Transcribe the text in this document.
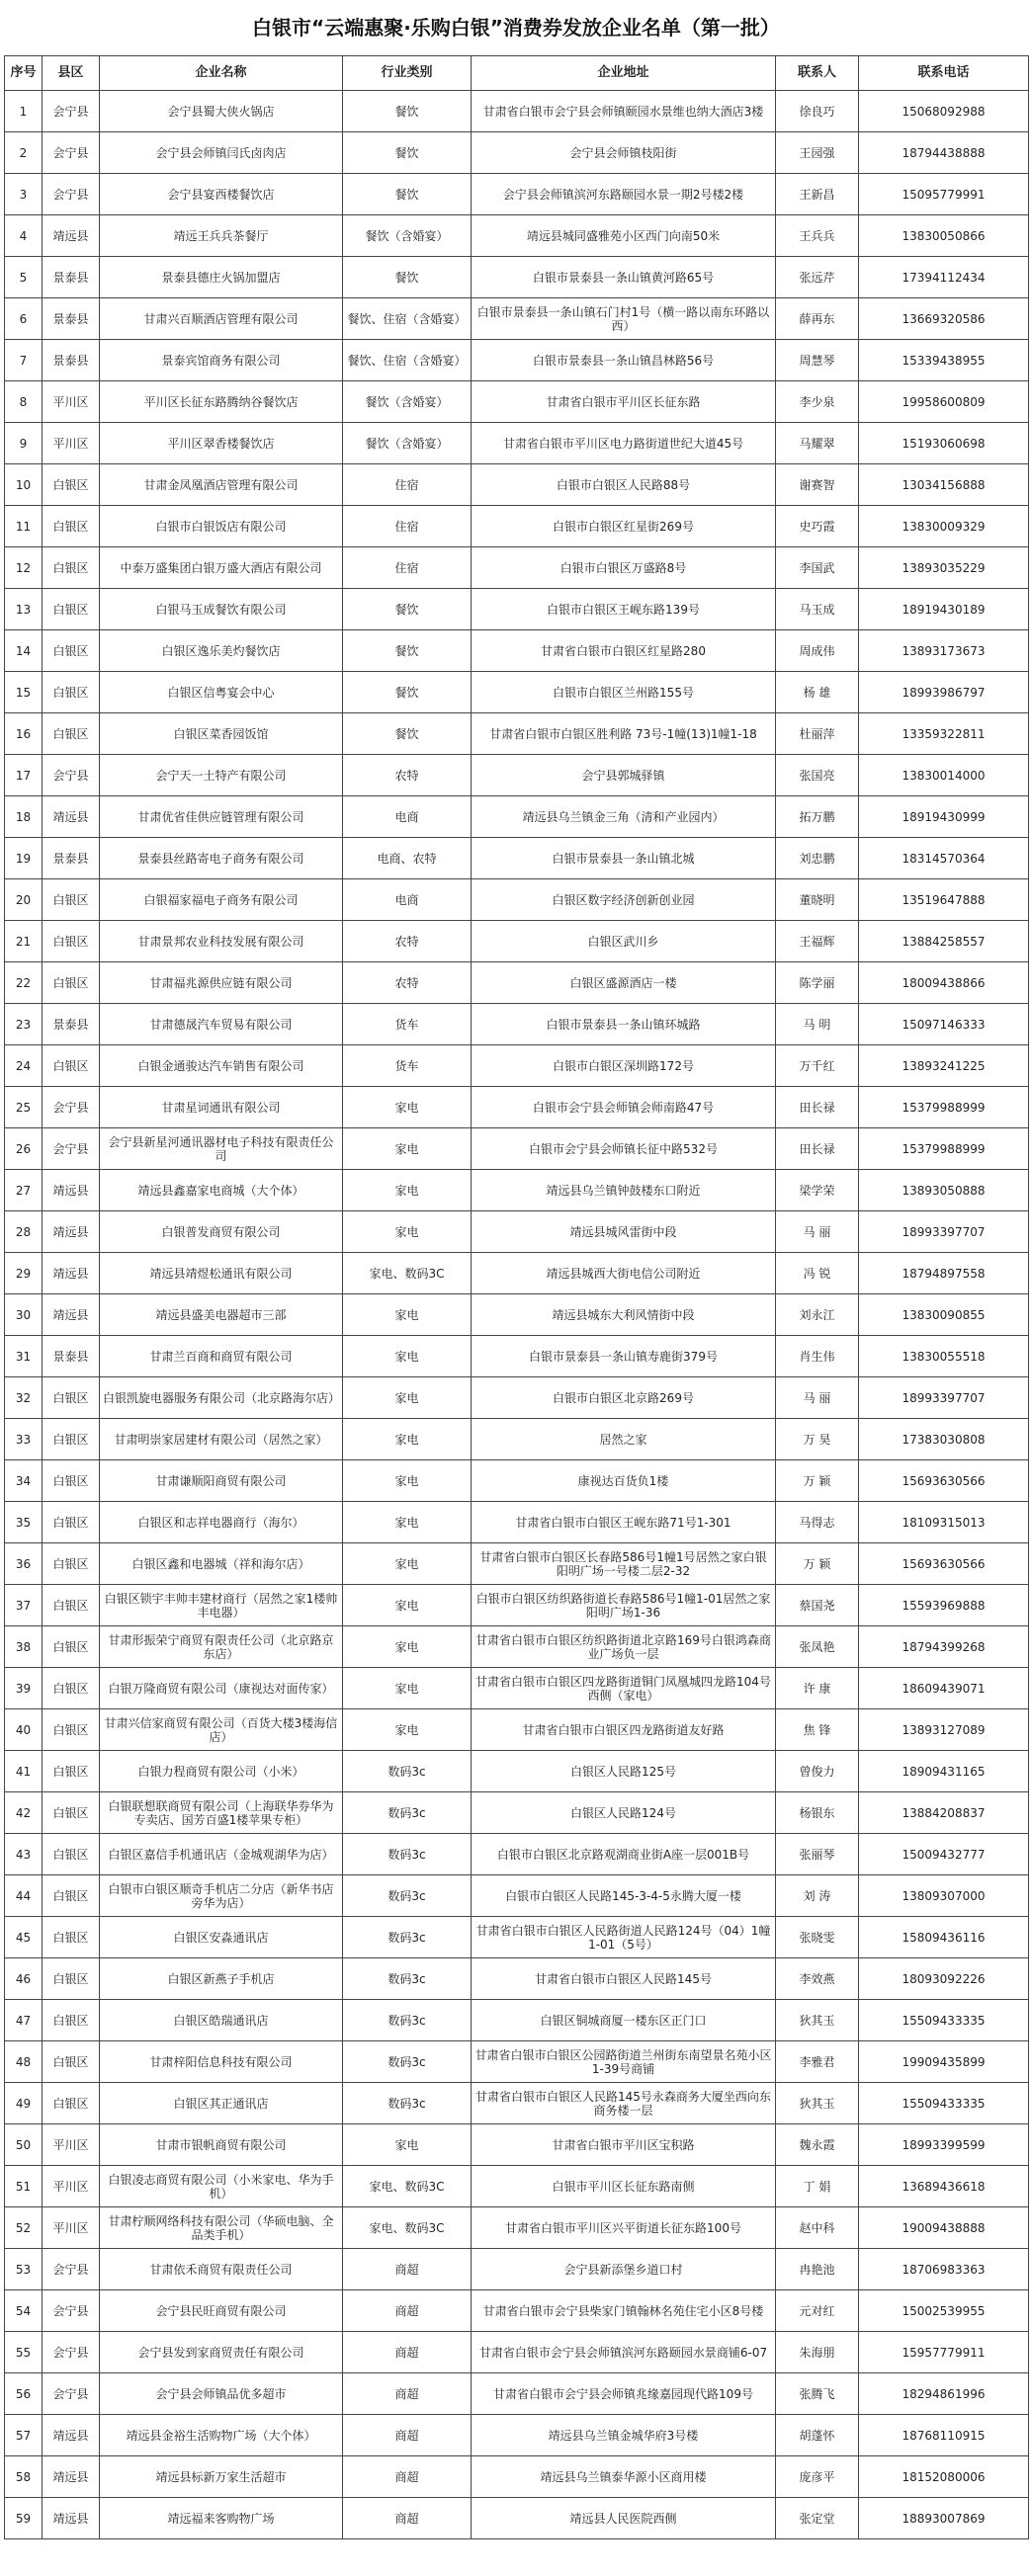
白银市“云端惠聚·乐购白银”消费券发放企业名单（第一批）
序号	县区	企业名称	行业类别	企业地址	联系人	联系电话
1	会宁县	会宁县蜀大侠火锅店	餐饮	甘肃省白银市会宁县会师镇颐园水景维也纳大酒店3楼	徐良巧	15068092988
2	会宁县	会宁县会师镇闫氏卤肉店	餐饮	会宁县会师镇枝阳街	王园强	18794438888
3	会宁县	会宁县宴西楼餐饮店	餐饮	会宁县会师镇滨河东路颐园水景一期2号楼2楼	王新昌	15095779991
4	靖远县	靖远王兵兵茶餐厅	餐饮（含婚宴）	靖远县城同盛雅苑小区西门向南50米	王兵兵	13830050866
5	景泰县	景泰县德庄火锅加盟店	餐饮	白银市景泰县一条山镇黄河路65号	张远芹	17394112434
6	景泰县	甘肃兴百顺酒店管理有限公司	餐饮、住宿（含婚宴）	白银市景泰县一条山镇石门村1号（横一路以南东环路以西）	薛再东	13669320586
7	景泰县	景泰宾馆商务有限公司	餐饮、住宿（含婚宴）	白银市景泰县一条山镇昌林路56号	周慧琴	15339438955
8	平川区	平川区长征东路腾纳谷餐饮店	餐饮（含婚宴）	甘肃省白银市平川区长征东路	李少泉	19958600809
9	平川区	平川区翠香楼餐饮店	餐饮（含婚宴）	甘肃省白银市平川区电力路街道世纪大道45号	马耀翠	15193060698
10	白银区	甘肃金凤凰酒店管理有限公司	住宿	白银市白银区人民路88号	谢赛智	13034156888
11	白银区	白银市白银饭店有限公司	住宿	白银市白银区红星街269号	史巧霞	13830009329
12	白银区	中泰万盛集团白银万盛大酒店有限公司	住宿	白银市白银区万盛路8号	李国武	13893035229
13	白银区	白银马玉成餐饮有限公司	餐饮	白银市白银区王岘东路139号	马玉成	18919430189
14	白银区	白银区逸乐美灼餐饮店	餐饮	甘肃省白银市白银区红星路280	周成伟	13893173673
15	白银区	白银区信粤宴会中心	餐饮	白银市白银区兰州路155号	杨 雄	18993986797
16	白银区	白银区菜香园饭馆	餐饮	甘肃省白银市白银区胜利路 73号-1幢(13)1幢1-18	杜丽萍	13359322811
17	会宁县	会宁天一土特产有限公司	农特	会宁县郭城驿镇	张国亮	13830014000
18	靖远县	甘肃优省佳供应链管理有限公司	电商	靖远县乌兰镇金三角（清和产业园内）	拓万鹏	18919430999
19	景泰县	景泰县丝路寄电子商务有限公司	电商、农特	白银市景泰县一条山镇北城	刘忠鹏	18314570364
20	白银区	白银福家福电子商务有限公司	电商	白银区数字经济创新创业园	董晓明	13519647888
21	白银区	甘肃景邦农业科技发展有限公司	农特	白银区武川乡	王福辉	13884258557
22	白银区	甘肃福兆源供应链有限公司	农特	白银区盛源酒店一楼	陈学丽	18009438866
23	景泰县	甘肃德晟汽车贸易有限公司	货车	白银市景泰县一条山镇环城路	马 明	15097146333
24	白银区	白银金通骏达汽车销售有限公司	货车	白银市白银区深圳路172号	万千红	13893241225
25	会宁县	甘肃星词通讯有限公司	家电	白银市会宁县会师镇会师南路47号	田长禄	15379988999
26	会宁县	会宁县新星河通讯器材电子科技有限责任公司	家电	白银市会宁县会师镇长征中路532号	田长禄	15379988999
27	靖远县	靖远县鑫嘉家电商城（大个体）	家电	靖远县乌兰镇钟鼓楼东口附近	梁学荣	13893050888
28	靖远县	白银普发商贸有限公司	家电	靖远县城风雷街中段	马 丽	18993397707
29	靖远县	靖远县靖煜松通讯有限公司	家电、数码3C	靖远县城西大街电信公司附近	冯 锐	18794897558
30	靖远县	靖远县盛美电器超市三部	家电	靖远县城东大利风情街中段	刘永江	13830090855
31	景泰县	甘肃兰百商和商贸有限公司	家电	白银市景泰县一条山镇寿鹿街379号	肖生伟	13830055518
32	白银区	白银凯旋电器服务有限公司（北京路海尔店）	家电	白银市白银区北京路269号	马 丽	18993397707
33	白银区	甘肃明崇家居建材有限公司（居然之家）	家电	居然之家	万 昊	17383030808
34	白银区	甘肃谦顺阳商贸有限公司	家电	康视达百货负1楼	万 颖	15693630566
35	白银区	白银区和志祥电器商行（海尔）	家电	甘肃省白银市白银区王岘东路71号1-301	马得志	18109315013
36	白银区	白银区鑫和电器城（祥和海尔店）	家电	甘肃省白银市白银区长春路586号1幢1号居然之家白银阳明广场一号楼二层2-32	万 颖	15693630566
37	白银区	白银区锁宇丰帅丰建材商行（居然之家1楼帅丰电器）	家电	白银市白银区纺织路街道长春路586号1幢1-01居然之家阳明广场1-36	蔡国尧	15593969888
38	白银区	甘肃形振荣宁商贸有限责任公司（北京路京东店）	家电	甘肃省白银市白银区纺织路街道北京路169号白银鸿森商业广场负一层	张凤艳	18794399268
39	白银区	白银万隆商贸有限公司（康视达对面传家）	家电	甘肃省白银市白银区四龙路街道铜门凤凰城四龙路104号西侧（家电）	许 康	18609439071
40	白银区	甘肃兴信家商贸有限公司（百货大楼3楼海信店）	家电	甘肃省白银市白银区四龙路街道友好路	焦 锋	13893127089
41	白银区	白银力程商贸有限公司（小米）	数码3c	白银区人民路125号	曾俊力	18909431165
42	白银区	白银联想联商贸有限公司（上海联华券华为专卖店、国芳百盛1楼苹果专柜）	数码3c	白银区人民路124号	杨银东	13884208837
43	白银区	白银区嘉信手机通讯店（金城观湖华为店）	数码3c	白银市白银区北京路观湖商业街A座一层001B号	张丽琴	15009432777
44	白银区	白银市白银区顺奇手机店二分店（新华书店旁华为店）	数码3c	白银市白银区人民路145-3-4-5永腾大厦一楼	刘 涛	13809307000
45	白银区	白银区安淼通讯店	数码3c	甘肃省白银市白银区人民路街道人民路124号（04）1幢1-01（5号）	张晓雯	15809436116
46	白银区	白银区新燕子手机店	数码3c	甘肃省白银市白银区人民路145号	李效燕	18093092226
47	白银区	白银区皓瑞通讯店	数码3c	白银区铜城商厦一楼东区正门口	狄其玉	15509433335
48	白银区	甘肃梓阳信息科技有限公司	数码3c	甘肃省白银市白银区公园路街道兰州街东南望景名苑小区1-39号商铺	李雅君	19909435899
49	白银区	白银区其正通讯店	数码3c	甘肃省白银市白银区人民路145号永森商务大厦坐西向东商务楼一层	狄其玉	15509433335
50	平川区	甘肃市银帆商贸有限公司	家电	甘肃省白银市平川区宝积路	魏永霞	18993399599
51	平川区	白银凌志商贸有限公司（小米家电、华为手机）	家电、数码3C	白银市平川区长征东路南侧	丁 娟	13689436618
52	平川区	甘肃柠顺网络科技有限公司（华硕电脑、全品类手机）	家电、数码3C	甘肃省白银市平川区兴平街道长征东路100号	赵中科	19009438888
53	会宁县	甘肃依禾商贸有限责任公司	商超	会宁县新添堡乡道口村	冉艳池	18706983363
54	会宁县	会宁县民旺商贸有限公司	商超	甘肃省白银市会宁县柴家门镇翰林名苑住宅小区8号楼	元对红	15002539955
55	会宁县	会宁县发到家商贸责任有限公司	商超	甘肃省白银市会宁县会师镇滨河东路颐园水景商铺6-07	朱海朋	15957779911
56	会宁县	会宁县会师镇品优多超市	商超	甘肃省白银市会宁县会师镇兆缘嘉园现代路109号	张腾飞	18294861996
57	靖远县	靖远县金裕生活购物广场（大个体）	商超	靖远县乌兰镇金城华府3号楼	胡蓬怀	18768110915
58	靖远县	靖远县标新万家生活超市	商超	靖远县乌兰镇泰华源小区商用楼	庞彦平	18152080006
59	靖远县	靖远福来客购物广场	商超	靖远县人民医院西侧	张定堂	18893007869
